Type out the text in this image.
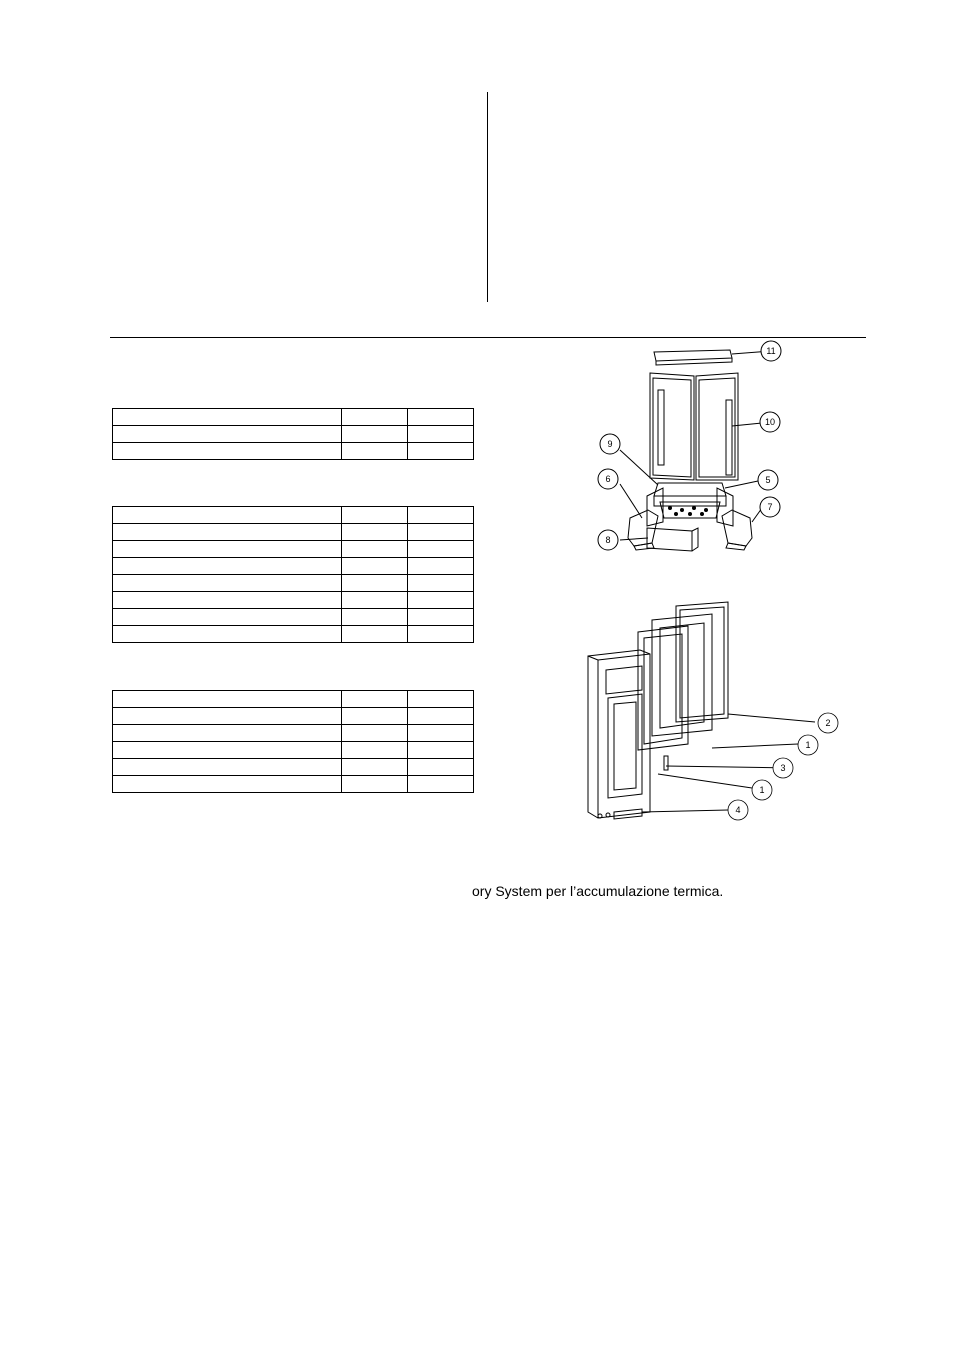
11
10
9
6	5
7
8
2
1
3
1
4
ory System per l’accumulazione termica.
